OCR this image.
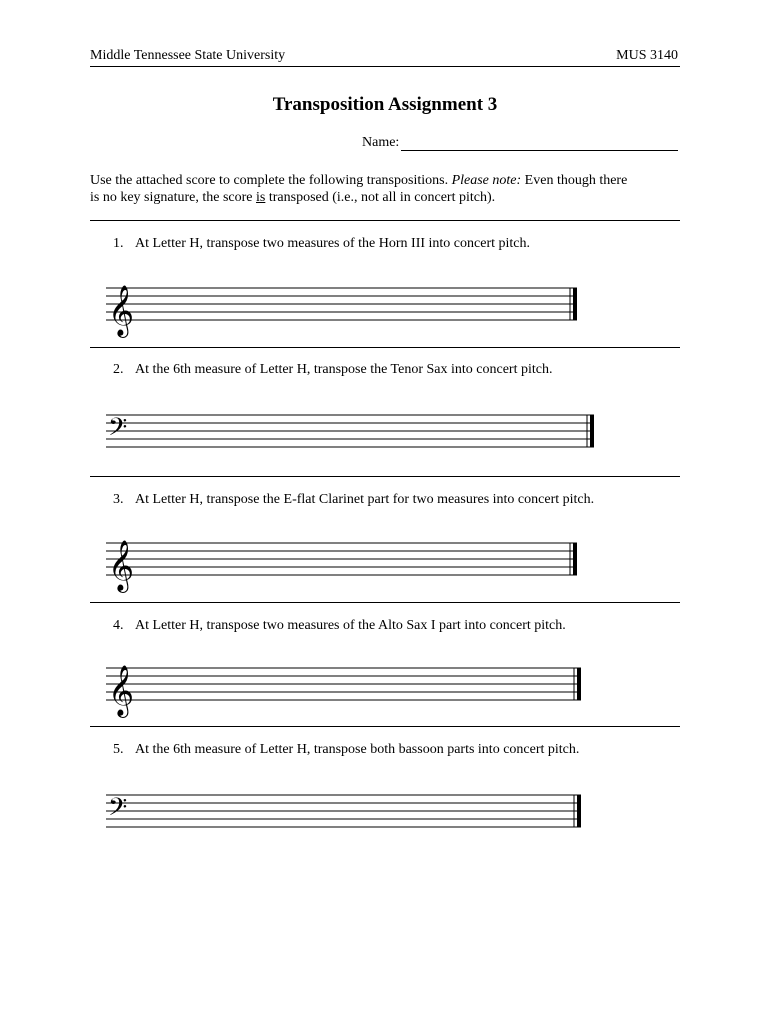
Middle Tennessee State University	MUS 3140
Transposition Assignment 3
Name:
Use the attached score to complete the following transpositions. Please note: Even though there
is no key signature, the score is transposed (i.e., not all in concert pitch).
1. At Letter H, transpose two measures of the Horn III into concert pitch.
𝄞
2. At the 6th measure of Letter H, transpose the Tenor Sax into concert pitch.
𝄢
3. At Letter H, transpose the E-flat Clarinet part for two measures into concert pitch.
𝄞
4. At Letter H, transpose two measures of the Alto Sax I part into concert pitch.
𝄞
5. At the 6th measure of Letter H, transpose both bassoon parts into concert pitch.
𝄢
